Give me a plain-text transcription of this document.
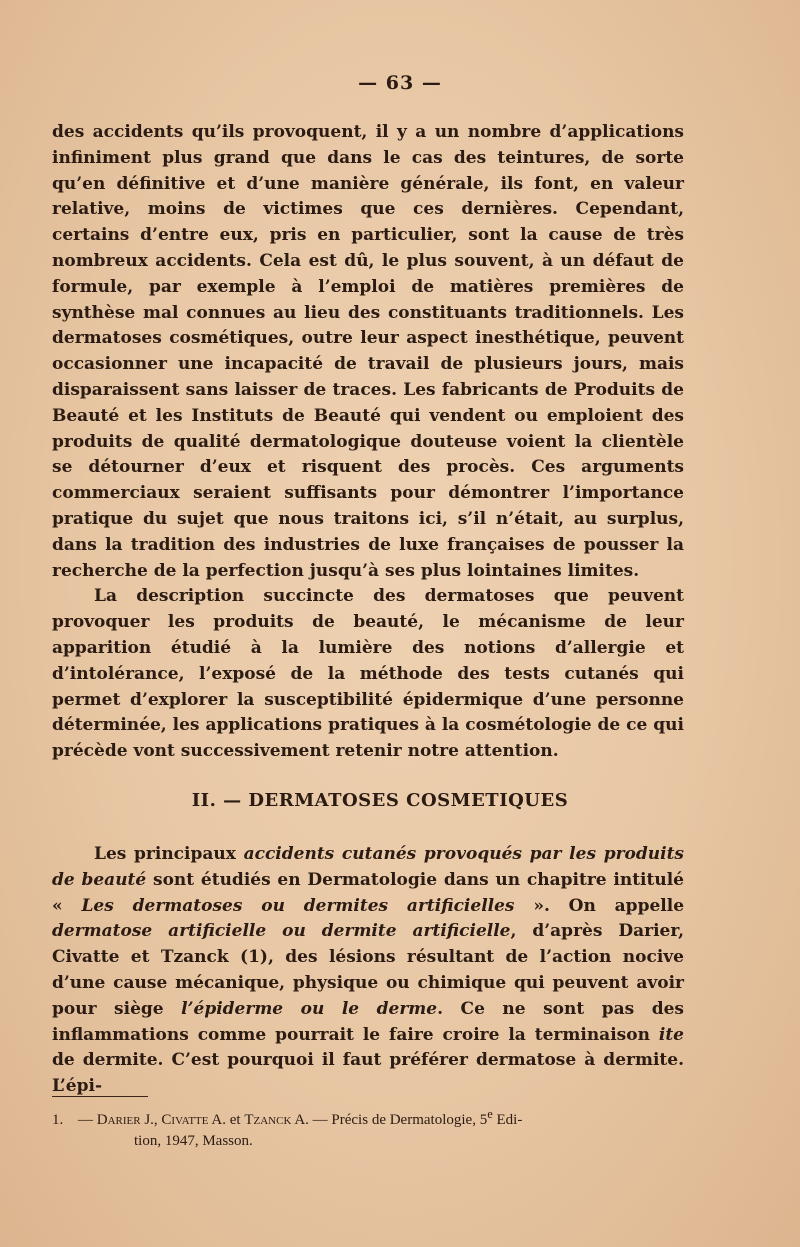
— 63 —

des accidents qu’ils provoquent, il y a un nombre d’applications infiniment plus grand que dans le cas des teintures, de sorte qu’en définitive et d’une manière générale, ils font, en valeur relative, moins de victimes que ces dernières. Cependant, certains d’entre eux, pris en particulier, sont la cause de très nombreux accidents. Cela est dû, le plus souvent, à un défaut de formule, par exemple à l’emploi de matières premières de synthèse mal connues au lieu des constituants traditionnels. Les dermatoses cosmétiques, outre leur aspect inesthétique, peuvent occasionner une incapacité de travail de plusieurs jours, mais disparaissent sans laisser de traces. Les fabricants de Produits de Beauté et les Instituts de Beauté qui vendent ou emploient des produits de qualité dermatologique douteuse voient la clientèle se détourner d’eux et risquent des procès. Ces arguments commerciaux seraient suffisants pour démontrer l’importance pratique du sujet que nous traitons ici, s’il n’était, au surplus, dans la tradition des industries de luxe françaises de pousser la recherche de la perfection jusqu’à ses plus lointaines limites.

La description succincte des dermatoses que peuvent provoquer les produits de beauté, le mécanisme de leur apparition étudié à la lumière des notions d’allergie et d’intolérance, l’exposé de la méthode des tests cutanés qui permet d’explorer la susceptibilité épidermique d’une personne déterminée, les applications pratiques à la cosmétologie de ce qui précède vont successivement retenir notre attention.

II. — DERMATOSES COSMETIQUES

Les principaux accidents cutanés provoqués par les produits de beauté sont étudiés en Dermatologie dans un chapitre intitulé « Les dermatoses ou dermites artificielles ». On appelle dermatose artificielle ou dermite artificielle, d’après Darier, Civatte et Tzanck (1), des lésions résultant de l’action nocive d’une cause mécanique, physique ou chimique qui peuvent avoir pour siège l’épiderme ou le derme. Ce ne sont pas des inflammations comme pourrait le faire croire la terminaison ite de dermite. C’est pourquoi il faut préférer dermatose à dermite. L’épi-

1. — Darier J., Civatte A. et Tzanck A. — Précis de Dermatologie, 5e Edi-
tion, 1947, Masson.
